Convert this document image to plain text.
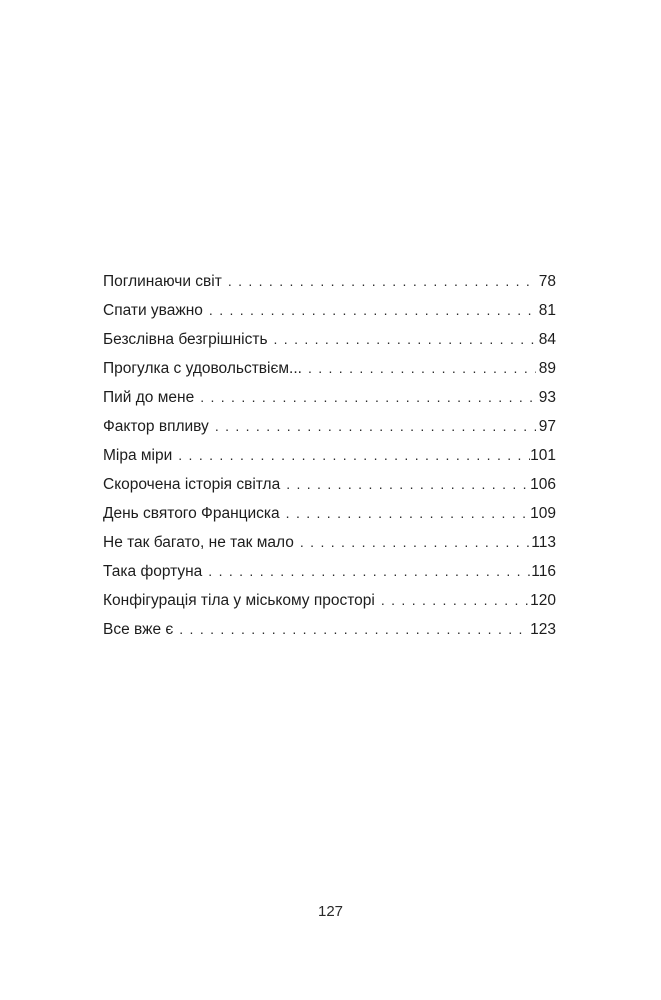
Поглинаючи світ . . .	78
Спати уважно . . .	81
Безслівна безгрішність . . .	84
Прогулка с удовольствієм... . . .	89
Пий до мене . . .	93
Фактор впливу . . .	97
Міра міри . . .	101
Скорочена історія світла . . .	106
День святого Франциска . . .	109
Не так багато, не так мало . . .	113
Така фортуна . . .	116
Конфігурація тіла у міському просторі . . .	120
Все вже є . . .	123
127
